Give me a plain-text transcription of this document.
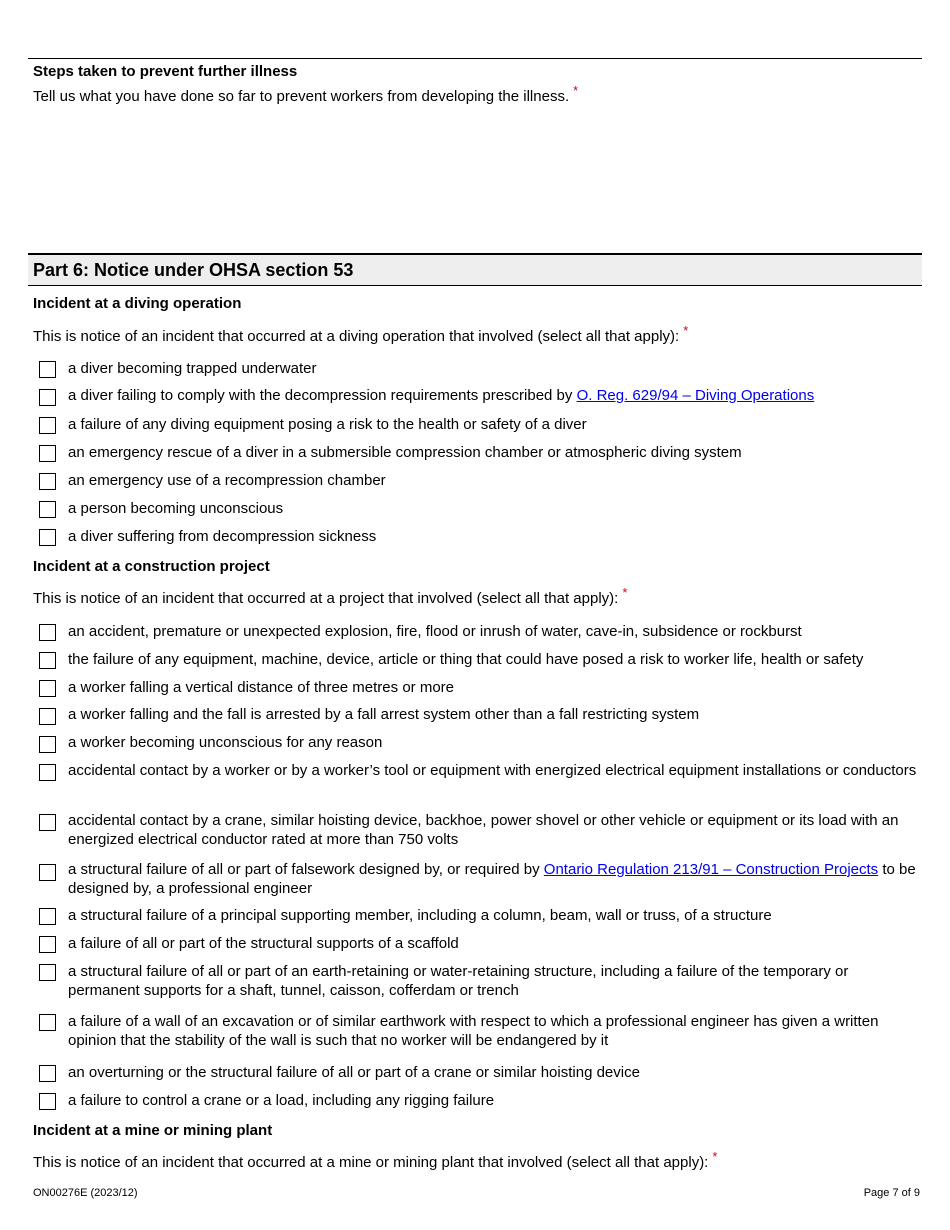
Steps taken to prevent further illness
Tell us what you have done so far to prevent workers from developing the illness. *
Part 6: Notice under OHSA section 53
Incident at a diving operation
This is notice of an incident that occurred at a diving operation that involved (select all that apply): *
a diver becoming trapped underwater
a diver failing to comply with the decompression requirements prescribed by O. Reg. 629/94 – Diving Operations
a failure of any diving equipment posing a risk to the health or safety of a diver
an emergency rescue of a diver in a submersible compression chamber or atmospheric diving system
an emergency use of a recompression chamber
a person becoming unconscious
a diver suffering from decompression sickness
Incident at a construction project
This is notice of an incident that occurred at a project that involved (select all that apply): *
an accident, premature or unexpected explosion, fire, flood or inrush of water, cave-in, subsidence or rockburst
the failure of any equipment, machine, device, article or thing that could have posed a risk to worker life, health or safety
a worker falling a vertical distance of three metres or more
a worker falling and the fall is arrested by a fall arrest system other than a fall restricting system
a worker becoming unconscious for any reason
accidental contact by a worker or by a worker’s tool or equipment with energized electrical equipment installations or conductors
accidental contact by a crane, similar hoisting device, backhoe, power shovel or other vehicle or equipment or its load with an energized electrical conductor rated at more than 750 volts
a structural failure of all or part of falsework designed by, or required by Ontario Regulation 213/91 – Construction Projects to be designed by, a professional engineer
a structural failure of a principal supporting member, including a column, beam, wall or truss, of a structure
a failure of all or part of the structural supports of a scaffold
a structural failure of all or part of an earth-retaining or water-retaining structure, including a failure of the temporary or permanent supports for a shaft, tunnel, caisson, cofferdam or trench
a failure of a wall of an excavation or of similar earthwork with respect to which a professional engineer has given a written opinion that the stability of the wall is such that no worker will be endangered by it
an overturning or the structural failure of all or part of a crane or similar hoisting device
a failure to control a crane or a load, including any rigging failure
Incident at a mine or mining plant
This is notice of an incident that occurred at a mine or mining plant that involved (select all that apply): *
ON00276E (2023/12)	Page 7 of 9
